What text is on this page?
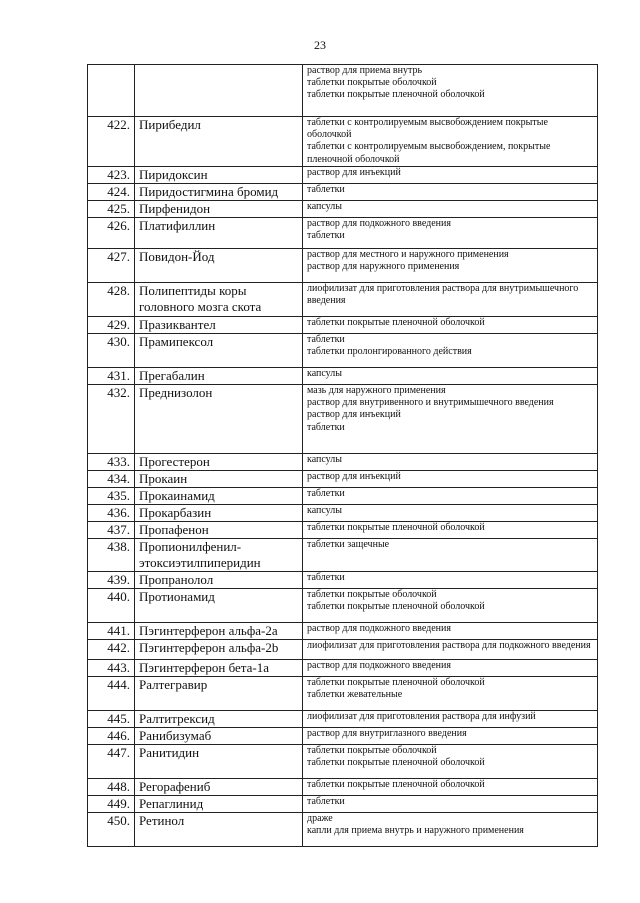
23

		раствор для приема внутрь
таблетки покрытые оболочкой
таблетки покрытые пленочной оболочкой

422.	Пирибедил	таблетки с контролируемым высвобождением покрытые оболочкой
таблетки с контролируемым высвобождением, покрытые пленочной оболочкой

423.	Пиридоксин	раствор для инъекций

424.	Пиридостигмина бромид	таблетки

425.	Пирфенидон	капсулы

426.	Платифиллин	раствор для подкожного введения
таблетки

427.	Повидон-Йод	раствор для местного и наружного применения
раствор для наружного применения

428.	Полипептиды коры головного мозга скота	лиофилизат для приготовления раствора для внутримышечного введения

429.	Празиквантел	таблетки покрытые пленочной оболочкой

430.	Прамипексол	таблетки
таблетки пролонгированного действия

431.	Прегабалин	капсулы

432.	Преднизолон	мазь для наружного применения
раствор для внутривенного и внутримышечного введения
раствор для инъекций
таблетки

433.	Прогестерон	капсулы

434.	Прокаин	раствор для инъекций

435.	Прокаинамид	таблетки

436.	Прокарбазин	капсулы

437.	Пропафенон	таблетки покрытые пленочной оболочкой

438.	Пропионилфенил-этоксиэтилпиперидин	таблетки защечные

439.	Пропранолол	таблетки

440.	Протионамид	таблетки покрытые оболочкой
таблетки покрытые пленочной оболочкой

441.	Пэгинтерферон альфа-2а	раствор для подкожного введения

442.	Пэгинтерферон альфа-2b	лиофилизат для приготовления раствора для подкожного введения

443.	Пэгинтерферон бета-1а	раствор для подкожного введения

444.	Ралтегравир	таблетки покрытые пленочной оболочкой
таблетки жевательные

445.	Ралтитрексид	лиофилизат для приготовления раствора для инфузий

446.	Ранибизумаб	раствор для внутриглазного введения

447.	Ранитидин	таблетки покрытые оболочкой
таблетки покрытые пленочной оболочкой

448.	Регорафениб	таблетки покрытые пленочной оболочкой

449.	Репаглинид	таблетки

450.	Ретинол	драже
капли для приема внутрь и наружного применения
